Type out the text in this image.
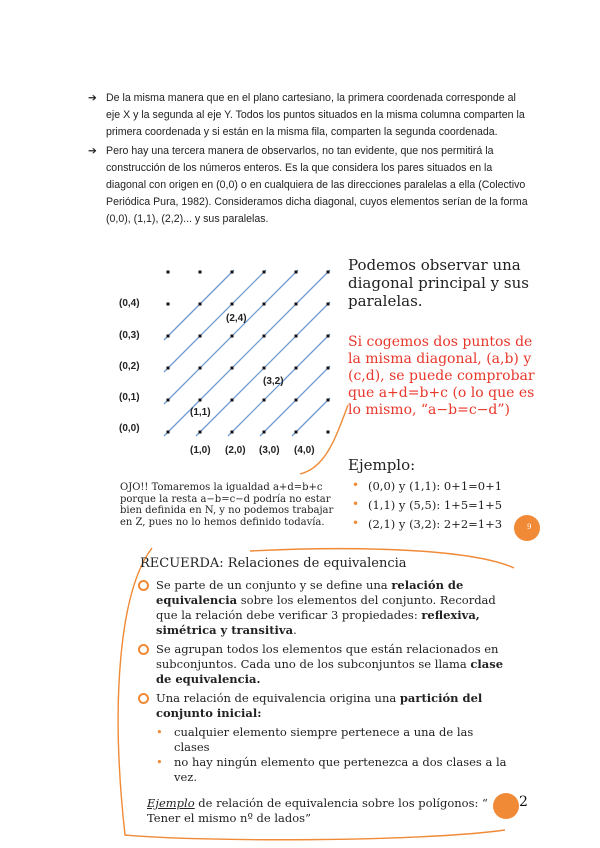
➔ De la misma manera que en el plano cartesiano, la primera coordenada corresponde al eje X y la segunda al eje Y. Todos los puntos situados en la misma columna comparten la primera coordenada y si están en la misma fila, comparten la segunda coordenada.

➔ Pero hay una tercera manera de observarlos, no tan evidente, que nos permitirá la construcción de los números enteros. Es la que considera los pares situados en la diagonal con origen en (0,0) o en cualquiera de las direcciones paralelas a ella (Colectivo Periódica Pura, 1982). Consideramos dicha diagonal, cuyos elementos serían de la forma (0,0), (1,1), (2,2)... y sus paralelas.

9
(0,4)
(0,3)
(0,2)
(0,1)
(0,0)
(1,0) (2,0) (3,0) (4,0)
(2,4)
(3,2)
(1,1)
Podemos observar una diagonal principal y sus paralelas.
Si cogemos dos puntos de la misma diagonal, (a,b) y (c,d), se puede comprobar que a+d=b+c (o lo que es lo mismo, “a−b=c−d”)
Ejemplo:
• (0,0) y (1,1): 0+1=0+1
• (1,1) y (5,5): 1+5=1+5
• (2,1) y (3,2): 2+2=1+3
OJO!! Tomaremos la igualdad a+d=b+c porque la resta a−b=c−d podría no estar bien definida en N, y no podemos trabajar en Z, pues no lo hemos definido todavía.
RECUERDA: Relaciones de equivalencia
Se parte de un conjunto y se define una relación de equivalencia sobre los elementos del conjunto. Recordad que la relación debe verificar 3 propiedades: reflexiva, simétrica y transitiva.
Se agrupan todos los elementos que están relacionados en subconjuntos. Cada uno de los subconjuntos se llama clase de equivalencia.
Una relación de equivalencia origina una partición del conjunto inicial:
• cualquier elemento siempre pertenece a una de las clases
• no hay ningún elemento que pertenezca a dos clases a la vez.
Ejemplo de relación de equivalencia sobre los polígonos: “ Tener el mismo nº de lados”
2
